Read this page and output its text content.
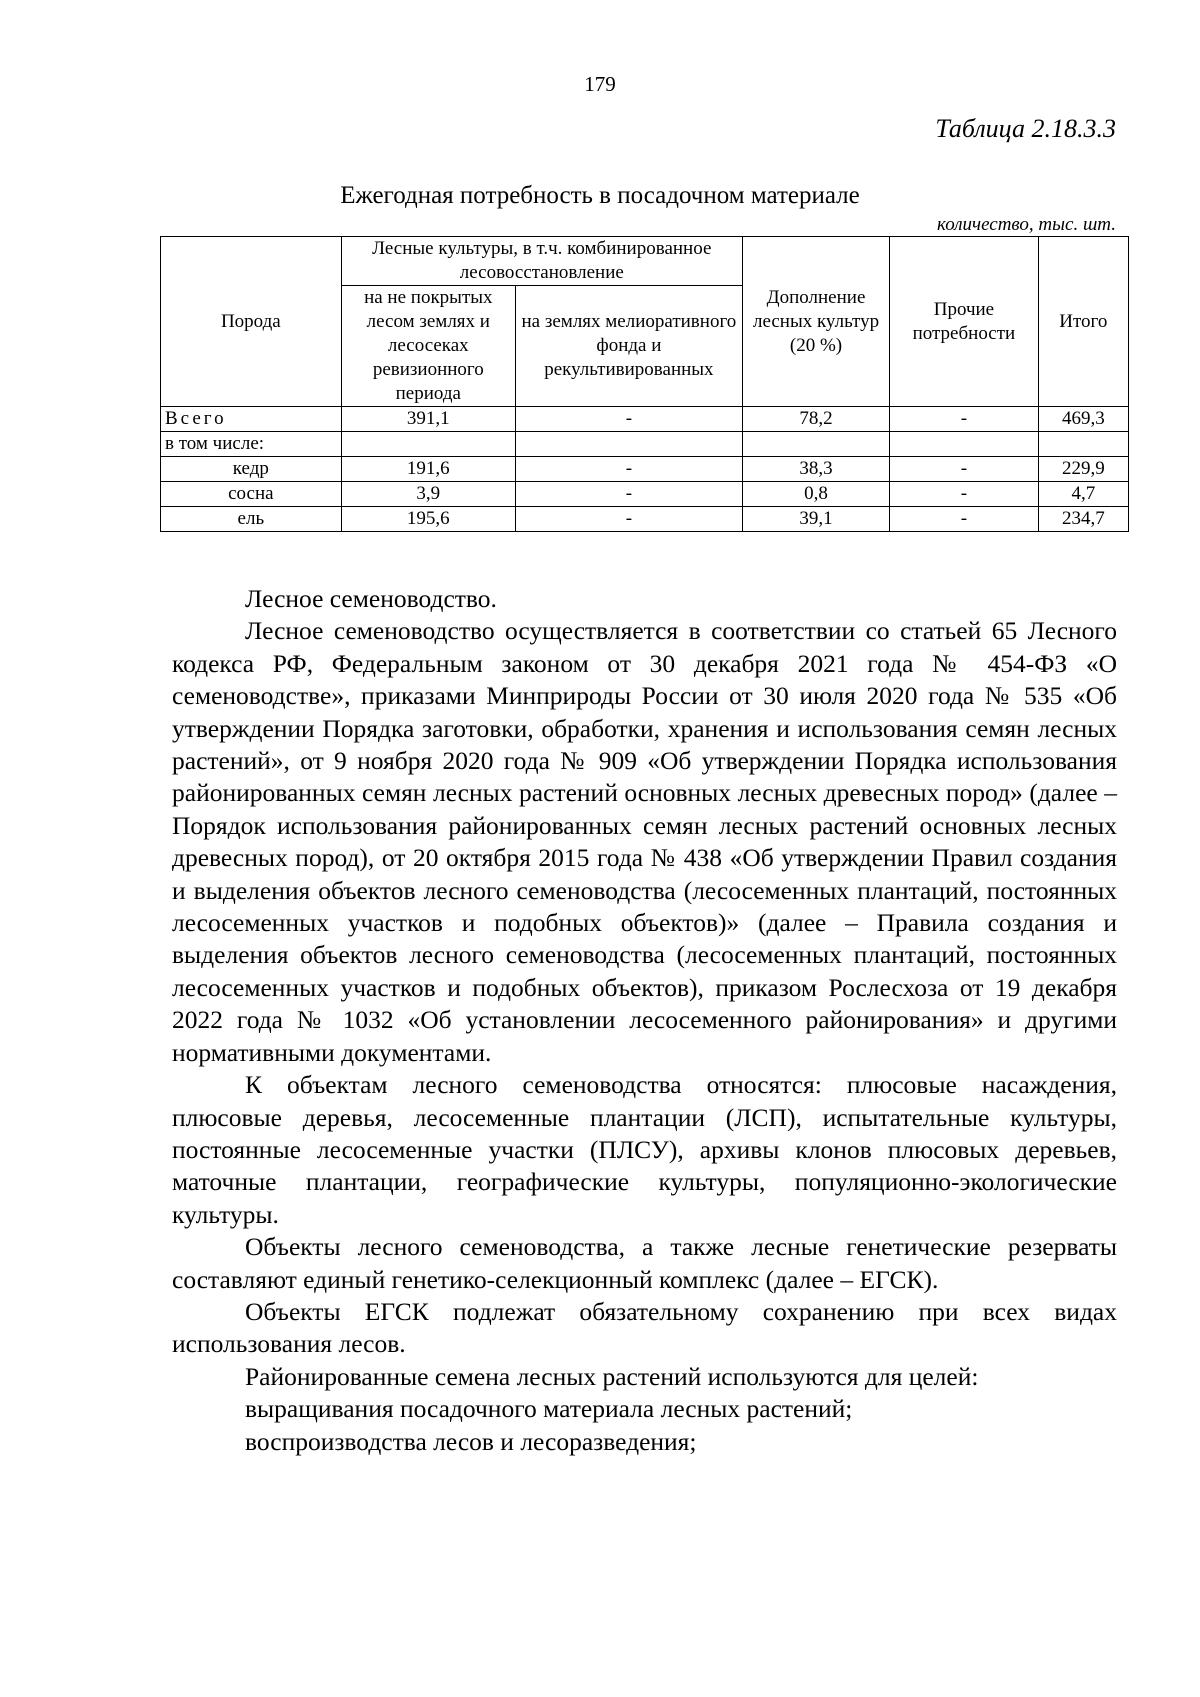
179
Таблица 2.18.3.3
Ежегодная потребность в посадочном материале
количество, тыс. шт.
Порода	Лесные культуры, в т.ч. комбинированное лесовосстановление		Дополнение лесных культур (20 %)	Прочие потребности	Итого
	на не покрытых лесом землях и лесосеках ревизионного периода	на землях мелиоративного фонда и рекультивированных			
Всего	391,1	-	78,2	-	469,3
в том числе:					
кедр	191,6	-	38,3	-	229,9
сосна	3,9	-	0,8	-	4,7
ель	195,6	-	39,1	-	234,7

Лесное семеноводство.

Лесное семеноводство осуществляется в соответствии со статьей 65 Лесного кодекса РФ, Федеральным законом от 30 декабря 2021 года № 454-ФЗ «О семеноводстве», приказами Минприроды России от 30 июля 2020 года № 535 «Об утверждении Порядка заготовки, обработки, хранения и использования семян лесных растений», от 9 ноября 2020 года № 909 «Об утверждении Порядка использования районированных семян лесных растений основных лесных древесных пород» (далее – Порядок использования районированных семян лесных растений основных лесных древесных пород), от 20 октября 2015 года № 438 «Об утверждении Правил создания и выделения объектов лесного семеноводства (лесосеменных плантаций, постоянных лесосеменных участков и подобных объектов)» (далее – Правила создания и выделения объектов лесного семеноводства (лесосеменных плантаций, постоянных лесосеменных участков и подобных объектов), приказом Рослесхоза от 19 декабря 2022 года № 1032 «Об установлении лесосеменного районирования» и другими нормативными документами.

К объектам лесного семеноводства относятся: плюсовые насаждения, плюсовые деревья, лесосеменные плантации (ЛСП), испытательные культуры, постоянные лесосеменные участки (ПЛСУ), архивы клонов плюсовых деревьев, маточные плантации, географические культуры, популяционно-экологические культуры.

Объекты лесного семеноводства, а также лесные генетические резерваты составляют единый генетико-селекционный комплекс (далее – ЕГСК).

Объекты ЕГСК подлежат обязательному сохранению при всех видах использования лесов.

Районированные семена лесных растений используются для целей:

выращивания посадочного материала лесных растений;

воспроизводства лесов и лесоразведения;
